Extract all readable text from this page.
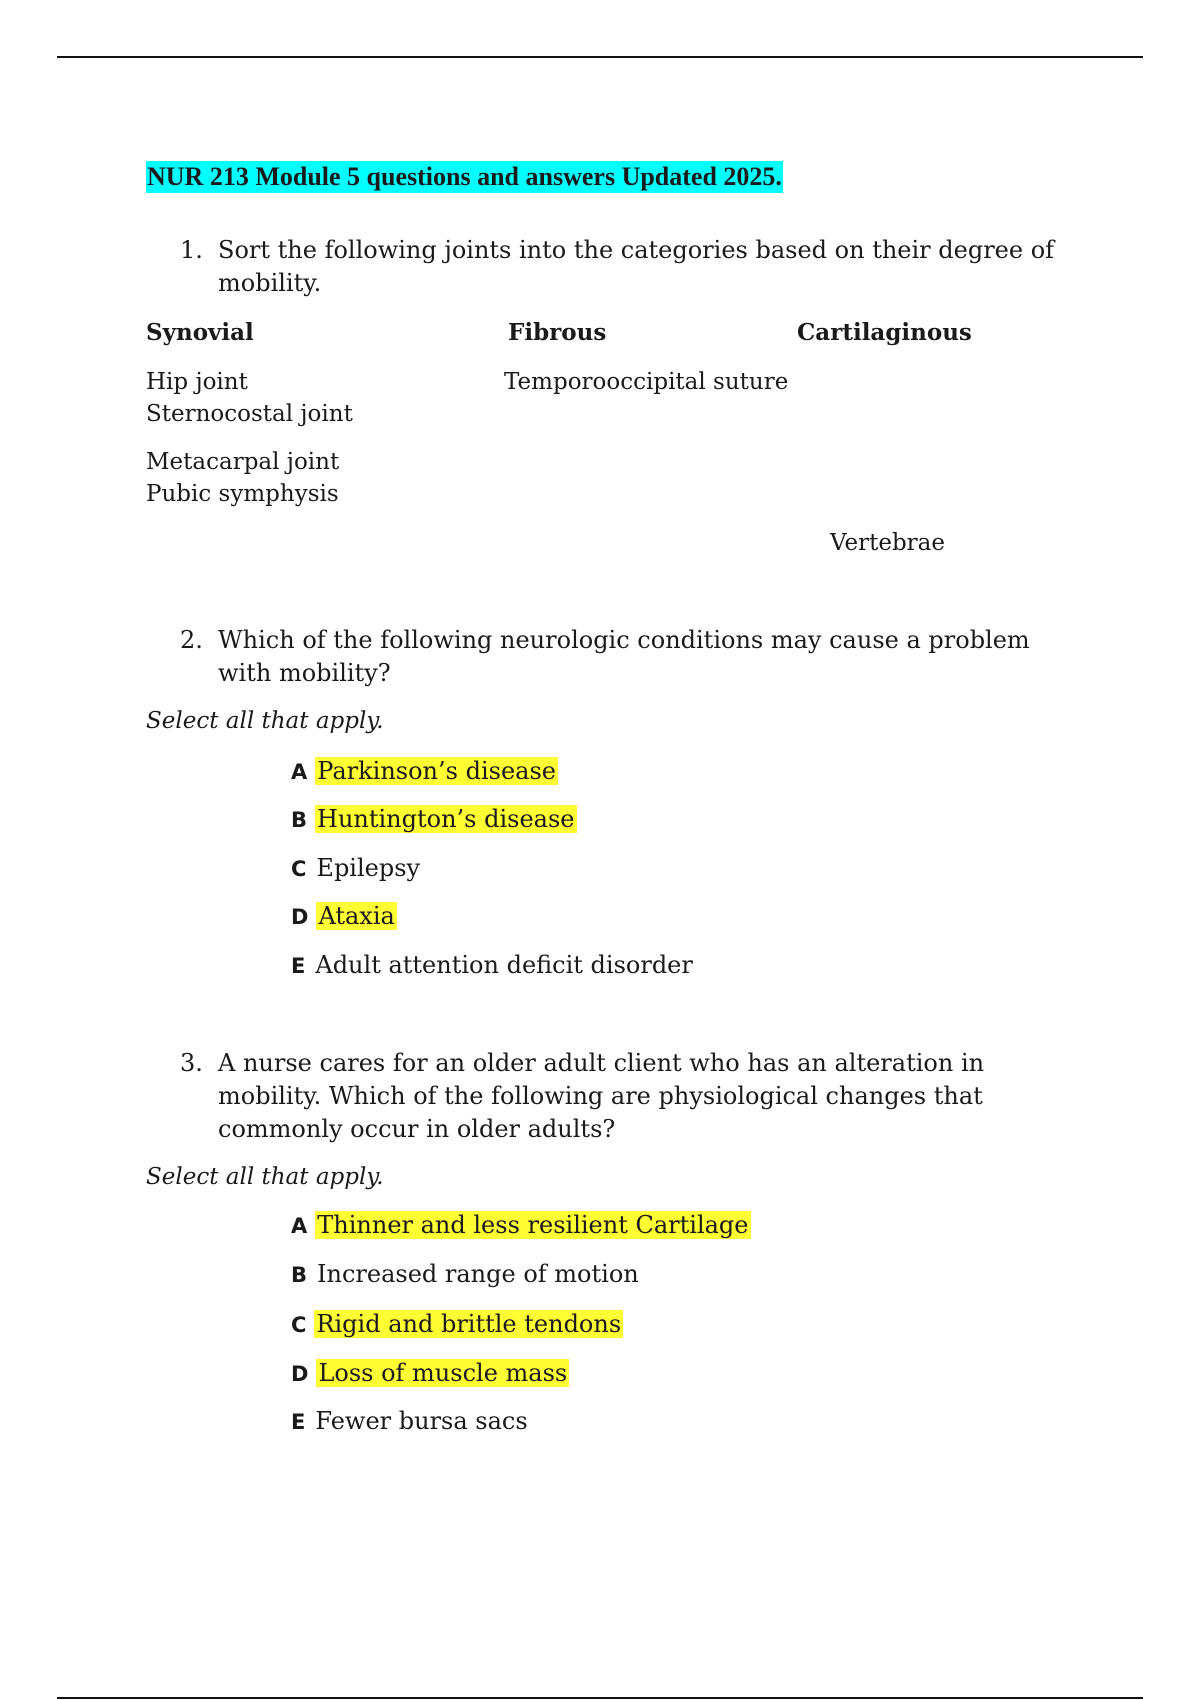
NUR 213 Module 5 questions and answers Updated 2025.
1. Sort the following joints into the categories based on their degree of mobility.
Synovial	Fibrous	Cartilaginous
Hip joint
Sternocostal joint
Metacarpal joint
Pubic symphysis
Temporooccipital suture
Vertebrae
2. Which of the following neurologic conditions may cause a problem with mobility?
Select all that apply.
A Parkinson’s disease
B Huntington’s disease
C Epilepsy
D Ataxia
E Adult attention deficit disorder
3. A nurse cares for an older adult client who has an alteration in mobility. Which of the following are physiological changes that commonly occur in older adults?
Select all that apply.
A Thinner and less resilient Cartilage
B Increased range of motion
C Rigid and brittle tendons
D Loss of muscle mass
E Fewer bursa sacs
